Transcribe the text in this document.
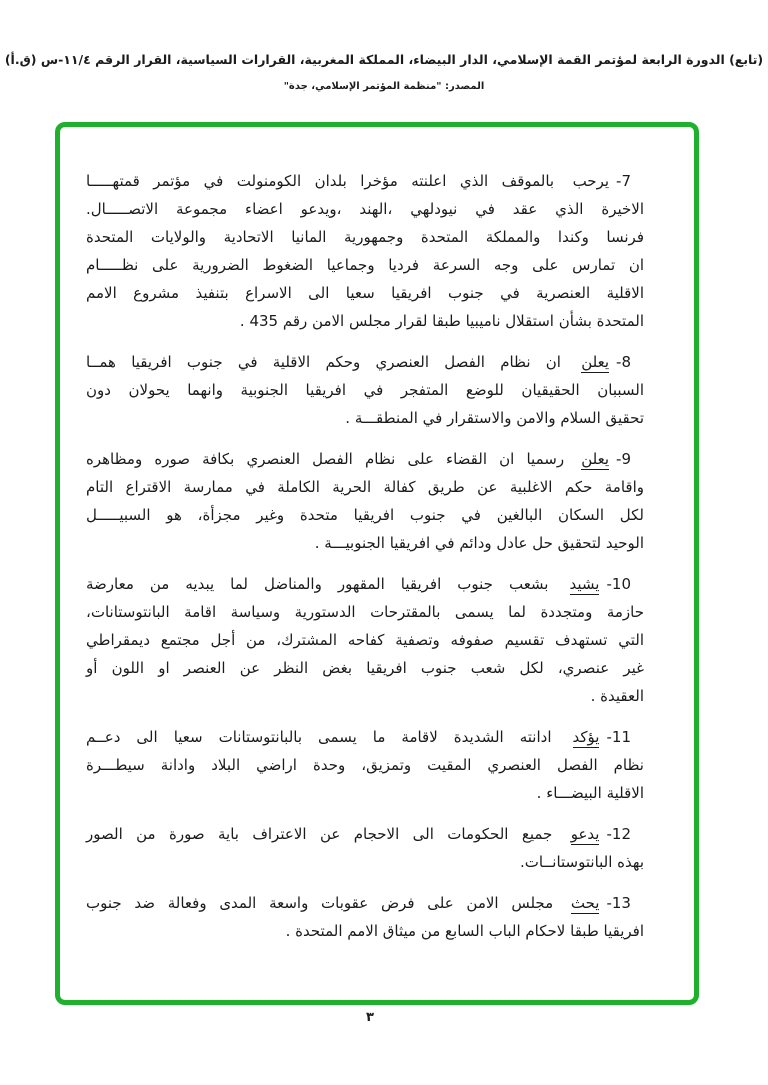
(تابع) الدورة الرابعة لمؤتمر القمة الإسلامي، الدار البيضاء، المملكة المغربية، القرارات السياسية، القرار الرقم ١١/٤-س (ق.أ)
المصدر: "منظمة المؤتمر الإسلامي، جدة"
7-يرحب بالموقف الذي اعلنته مؤخرا بلدان الكومنولت في مؤتمر قمتهـــــا
الاخيرة الذي عقد في نيودلهي ،الهند ،ويدعو اعضاء مجموعة الاتصـــــال.
فرنسا وكندا والمملكة المتحدة وجمهورية المانيا الاتحادية والولايات المتحدة
ان تمارس على وجه السرعة فرديا وجماعيا الضغوط الضرورية على نظـــــام
الاقلية العنصرية في جنوب افريقيا سعيا الى الاسراع بتنفيذ مشروع الامم
المتحدة بشأن استقلال ناميبيا طبقا لقرار مجلس الامن رقم 435 .
8-يعلن ان نظام الفصل العنصري وحكم الاقلية في جنوب افريقيا همــا
السببان الحقيقيان للوضع المتفجر في افريقيا الجنوبية وانهما يحولان دون
تحقيق السلام والامن والاستقرار في المنطقـــة .
9-يعلن رسميا ان القضاء على نظام الفصل العنصري بكافة صوره ومظاهره
واقامة حكم الاغلبية عن طريق كفالة الحرية الكاملة في ممارسة الاقتراع التام
لكل السكان البالغين في جنوب افريقيا متحدة وغير مجزأة، هو السبيـــــل
الوحيد لتحقيق حل عادل ودائم في افريقيا الجنوبيـــة .
10-يشيد بشعب جنوب افريقيا المقهور والمناضل لما يبديه من معارضة
حازمة ومتجددة لما يسمى بالمقترحات الدستورية وسياسة اقامة البانتوستانات،
التي تستهدف تقسيم صفوفه وتصفية كفاحه المشترك، من أجل مجتمع ديمقراطي
غير عنصري، لكل شعب جنوب افريقيا بغض النظر عن العنصر او اللون أو
العقيدة .
11-يؤكد ادانته الشديدة لاقامة ما يسمى بالبانتوستانات سعيا الى دعــم
نظام الفصل العنصري المقيت وتمزيق، وحدة اراضي البلاد وادانة سيطـــرة
الاقلية البيضـــاء .
12-يدعو جميع الحكومات الى الاحجام عن الاعتراف باية صورة من الصور
بهذه البانتوستانــات.
13-يحث مجلس الامن على فرض عقوبات واسعة المدى وفعالة ضد جنوب
افريقيا طبقا لاحكام الباب السابع من ميثاق الامم المتحدة .
٣
